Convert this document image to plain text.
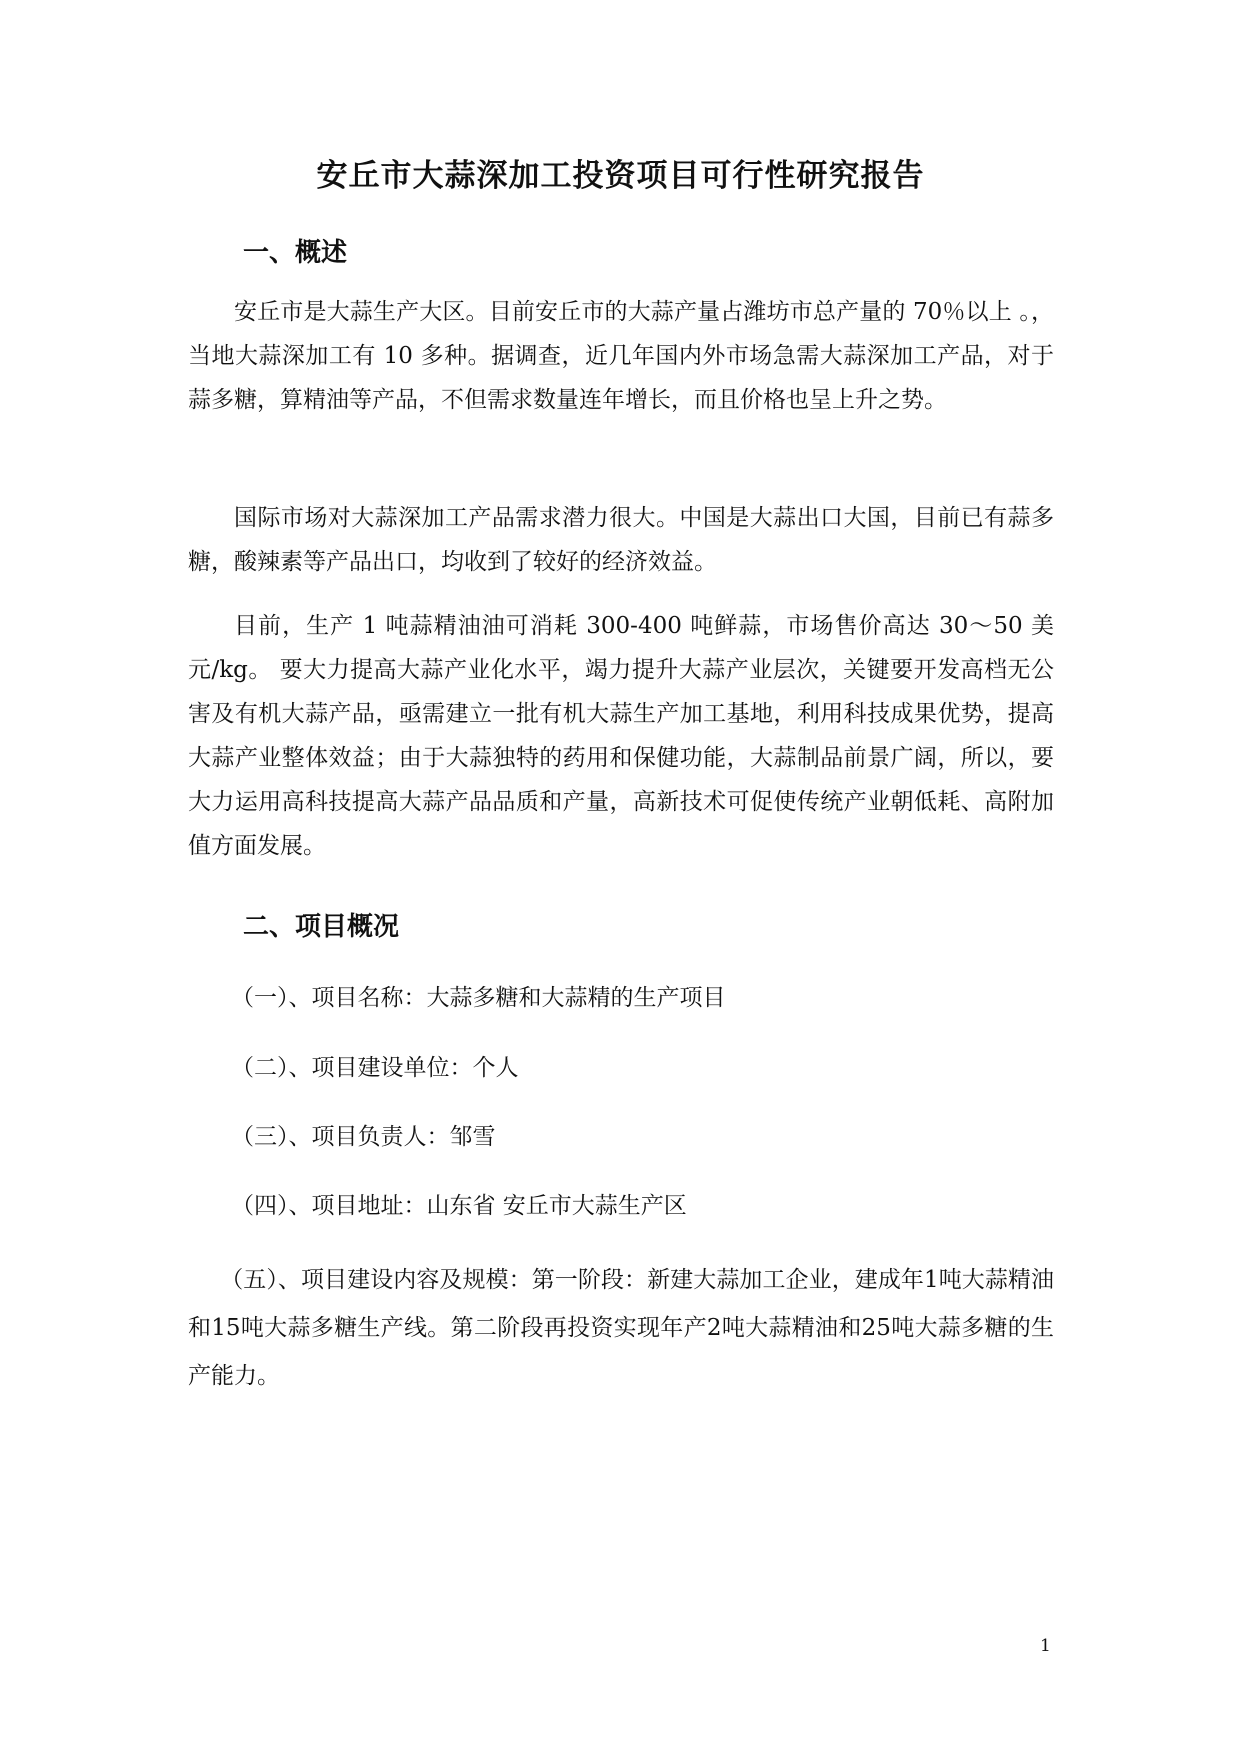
安丘市大蒜深加工投资项目可行性研究报告
一、概述

安丘市是大蒜生产大区。目前安丘市的大蒜产量占潍坊市总产量的 70％以上 。，当地大蒜深加工有 10 多种。据调查，近几年国内外市场急需大蒜深加工产品，对于蒜多糖，算精油等产品，不但需求数量连年增长，而且价格也呈上升之势。

国际市场对大蒜深加工产品需求潜力很大。中国是大蒜出口大国，目前已有蒜多糖，酸辣素等产品出口，均收到了较好的经济效益。

目前，生产 1 吨蒜精油油可消耗 300-400 吨鲜蒜，市场售价高达 30～50 美元/kg。 要大力提高大蒜产业化水平，竭力提升大蒜产业层次，关键要开发高档无公害及有机大蒜产品，亟需建立一批有机大蒜生产加工基地，利用科技成果优势，提高大蒜产业整体效益；由于大蒜独特的药用和保健功能，大蒜制品前景广阔，所以，要大力运用高科技提高大蒜产品品质和产量，高新技术可促使传统产业朝低耗、高附加值方面发展。

二、项目概况
（一）、项目名称：大蒜多糖和大蒜精的生产项目
（二）、项目建设单位：个人
（三）、项目负责人：邹雪
（四）、项目地址：山东省 安丘市大蒜生产区

（五）、项目建设内容及规模：第一阶段：新建大蒜加工企业，建成年1吨大蒜精油和15吨大蒜多糖生产线。第二阶段再投资实现年产2吨大蒜精油和25吨大蒜多糖的生产能力。

1
